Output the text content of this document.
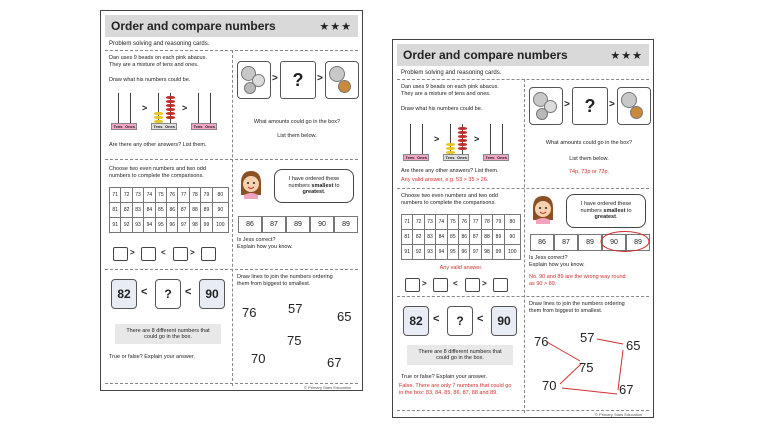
Order and compare numbers	★★★
Problem solving and reasoning cards.
Dan uses 9 beads on each pink abacus.
They are a mixture of tens and ones.
Draw what his numbers could be.
Tens Ones
>
Tens Ones
>
Tens Ones
Are there any other answers? List them.
> ?	>
What amounts could go in the box?
List them below.
Choose two even numbers and two odd
numbers to complete the comparisons.
71	72	73	74	75	76	77	78	79	80
81	82	83	84	85	86	87	88	89	90
91	92	93	94	95	96	97	98	99	100
>	<	>
I have ordered these
numbers smallest to
greatest.
86	87	89	90	89
Is Jess correct?
Explain how you know.
82 <	?	<	90
There are 8 different numbers that
could go in the box.
True or false? Explain your answer.
Draw lines to join the numbers ordering
them from biggest to smallest.
76 57
65
75
70	67
© Primary Stars Education
Order and compare numbers	★★★
Problem solving and reasoning cards.
Dan uses 9 beads on each pink abacus.
They are a mixture of tens and ones.
Draw what his numbers could be.
Tens Ones
>
Tens Ones
>
Tens Ones
Are there any other answers? List them.
Any valid answer, e.g. 53 > 35 > 26.
> ?	>
What amounts could go in the box?
List them below.
74p, 73p or 72p.
Choose two even numbers and two odd
numbers to complete the comparisons.
71	72	73	74	75	76	77	78	79	80
81	82	83	84	85	86	87	88	89	90
91	92	93	94	95	96	97	98	99	100
Any valid answer.
>	<	>
I have ordered these
numbers smallest to
greatest.
86	87	89	90	89
Is Jess correct?
Explain how you know.
No. 90 and 89 are the wrong way round
as 90 > 89.
82 <	?	<	90
There are 8 different numbers that
could go in the box.
True or false? Explain your answer.
False. There are only 7 numbers that could go
in the box: 83, 84, 85, 86, 87, 88 and 89.
Draw lines to join the numbers ordering
them from biggest to smallest.
76 57
65
75
70	67
© Primary Stars Education
